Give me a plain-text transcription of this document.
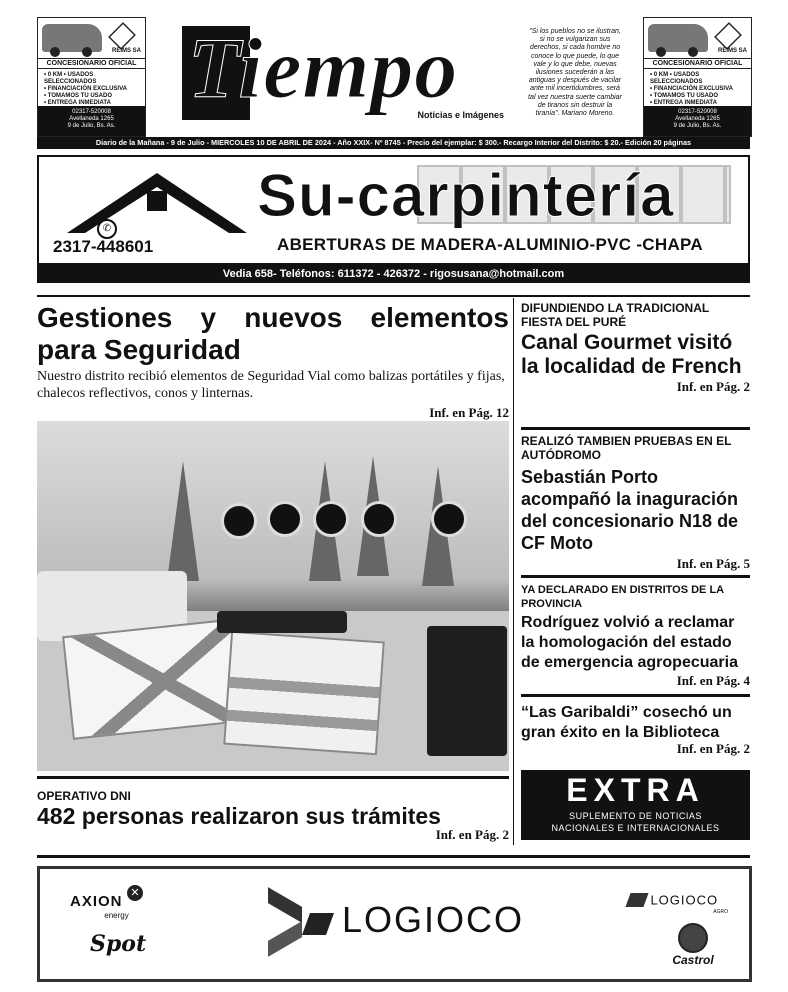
REIMS SA
CONCESIONARIO OFICIAL
• 0 KM • USADOS SELECCIONADOS
• FINANCIACIÓN EXCLUSIVA
• TOMAMOS TU USADO
• ENTREGA INMEDIATA
02317-520008
Avellaneda 1265
9 de Julio, Bs. As.
Tiempo
Noticias e Imágenes
"Si los pueblos no se ilustran, si no se vulgarizan sus derechos, si cada hombre no conoce lo que puede, lo que vale y lo que debe, nuevas ilusiones sucederán a las antiguas y después de vacilar ante mil incertidumbres, será tal vez nuestra suerte cambiar de tiranos sin destruir la tiranía". Mariano Moreno.
REIMS SA
CONCESIONARIO OFICIAL
• 0 KM • USADOS SELECCIONADOS
• FINANCIACIÓN EXCLUSIVA
• TOMAMOS TU USADO
• ENTREGA INMEDIATA
02317-520008
Avellaneda 1265
9 de Julio, Bs. As.
Diario de la Mañana - 9 de Julio - MIERCOLES 10 DE ABRIL DE 2024 - Año XXIX- Nº 8745 - Precio del ejemplar: $ 300.- Recargo Interior del Distrito: $ 20.- Edición 20 páginas
Su-carpintería
✆
2317-448601	ABERTURAS DE MADERA-ALUMINIO-PVC -CHAPA
Vedia 658- Teléfonos: 611372 - 426372 - rigosusana@hotmail.com
Gestiones y nuevos elementos para Seguridad
Nuestro distrito recibió elementos de Seguridad Vial como balizas portátiles y fijas, chalecos reflectivos, conos y linternas.
Inf. en Pág. 12
OPERATIVO DNI
482 personas realizaron sus trámites
Inf. en Pág. 2
DIFUNDIENDO LA TRADICIONAL FIESTA DEL PURÉ
Canal Gourmet visitó la localidad de French
Inf. en Pág. 2
REALIZÓ TAMBIEN PRUEBAS EN EL AUTÓDROMO
Sebastián Porto acompañó la inaguración del concesionario N18 de CF Moto
Inf. en Pág. 5
YA DECLARADO EN DISTRITOS DE LA PROVINCIA
Rodríguez volvió a reclamar la homologación del estado de emergencia agropecuaria
Inf. en Pág. 4
“Las Garibaldi” cosechó un gran éxito en la Biblioteca
Inf. en Pág. 2
EXTRA
SUPLEMENTO DE NOTICIAS
NACIONALES E INTERNACIONALES
AXION ✕
energy
Spot
LOGIOCO	LOGIOCO
AGRO
Castrol
